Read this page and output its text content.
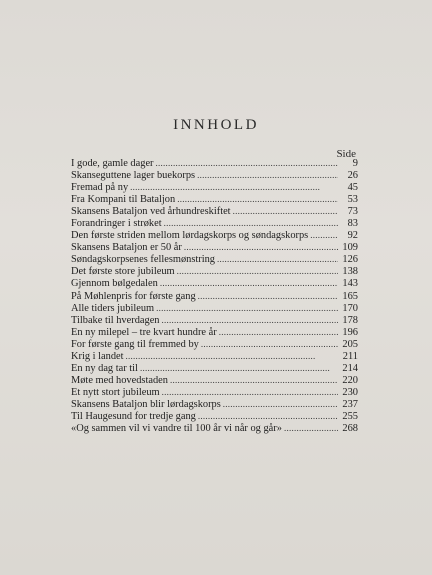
INNHOLD
Side
I gode, gamle dager . . .	9
Skanseguttene lager buekorps . . .	26
Fremad på ny . . .	45
Fra Kompani til Bataljon . . .	53
Skansens Bataljon ved århundreskiftet . . .	73
Forandringer i strøket . . .	83
Den første striden mellom lørdagskorps og søndagskorps . . .	92
Skansens Bataljon er 50 år . . .	109
Søndagskorpsenes fellesmønstring . . .	126
Det første store jubileum . . .	138
Gjennom bølgedalen . . .	143
På Møhlenpris for første gang . . .	165
Alle tiders jubileum . . .	170
Tilbake til hverdagen . . .	178
En ny milepel – tre kvart hundre år . . .	196
For første gang til fremmed by . . .	205
Krig i landet . . .	211
En ny dag tar til . . .	214
Møte med hovedstaden . . .	220
Et nytt stort jubileum . . .	230
Skansens Bataljon blir lørdagskorps . . .	237
Til Haugesund for tredje gang . . .	255
«Og sammen vil vi vandre til 100 år vi når og går» . . .	268
